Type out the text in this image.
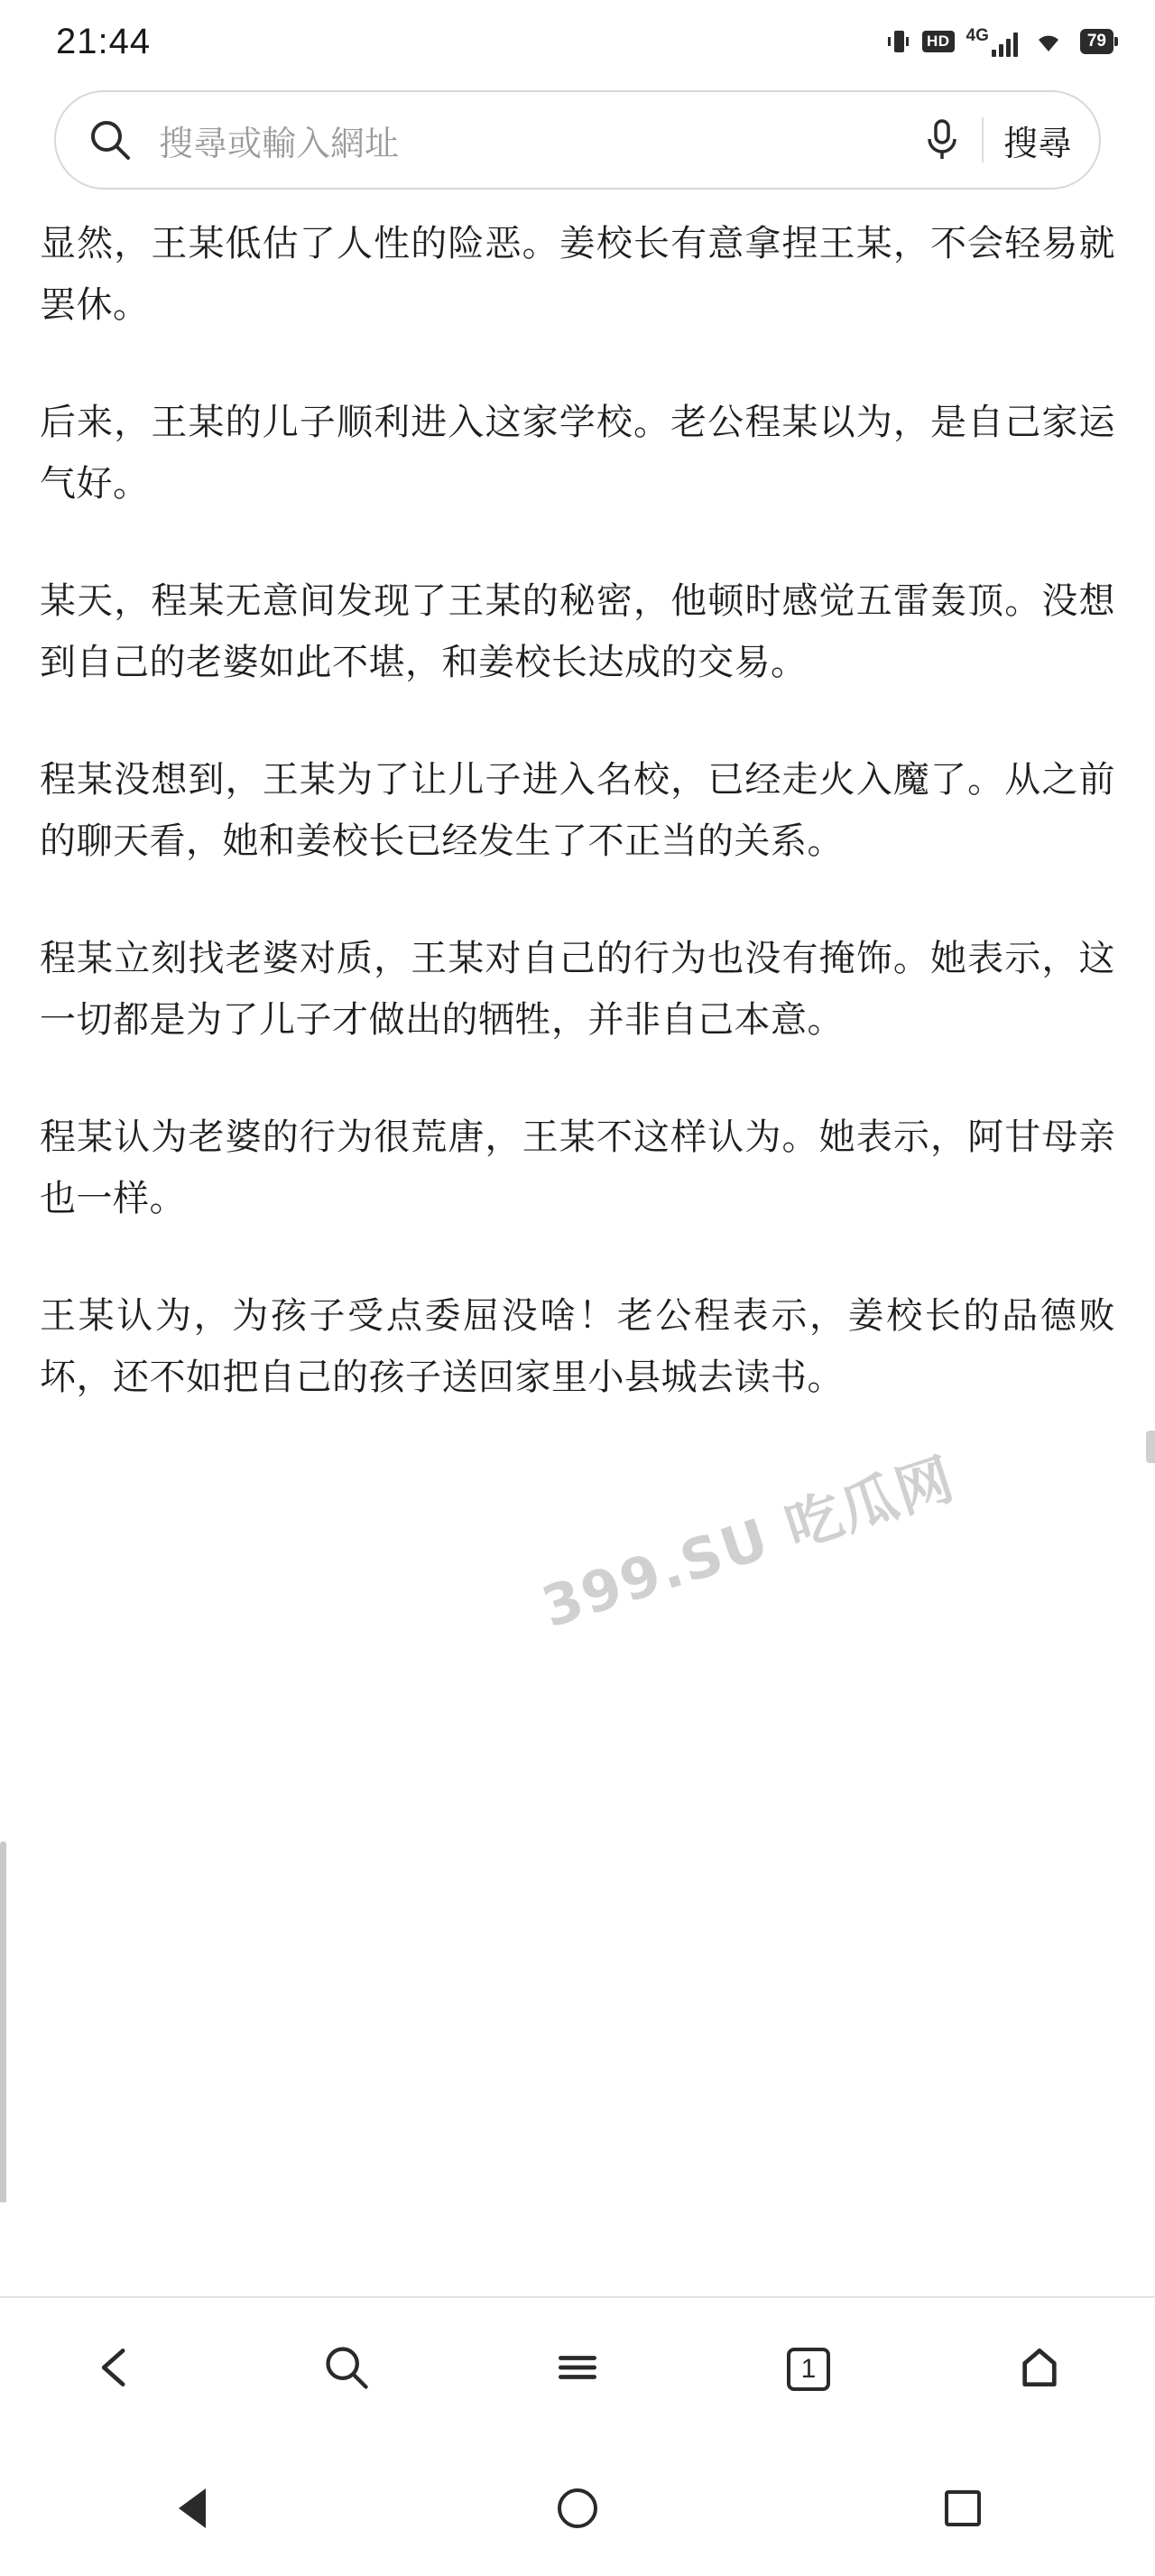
21:44	HD 4G	79
搜尋或輸入網址	搜尋

显然，王某低估了人性的险恶。姜校长有意拿捏王某，不会轻易就罢休。

后来，王某的儿子顺利进入这家学校。老公程某以为，是自己家运气好。

某天，程某无意间发现了王某的秘密，他顿时感觉五雷轰顶。没想到自己的老婆如此不堪，和姜校长达成的交易。

程某没想到，王某为了让儿子进入名校，已经走火入魔了。从之前的聊天看，她和姜校长已经发生了不正当的关系。

程某立刻找老婆对质，王某对自己的行为也没有掩饰。她表示，这一切都是为了儿子才做出的牺牲，并非自己本意。

程某认为老婆的行为很荒唐，王某不这样认为。她表示，阿甘母亲也一样。

王某认为，为孩子受点委屈没啥！老公程表示，姜校长的品德败坏，还不如把自己的孩子送回家里小县城去读书。

399.SU 吃瓜网
1
